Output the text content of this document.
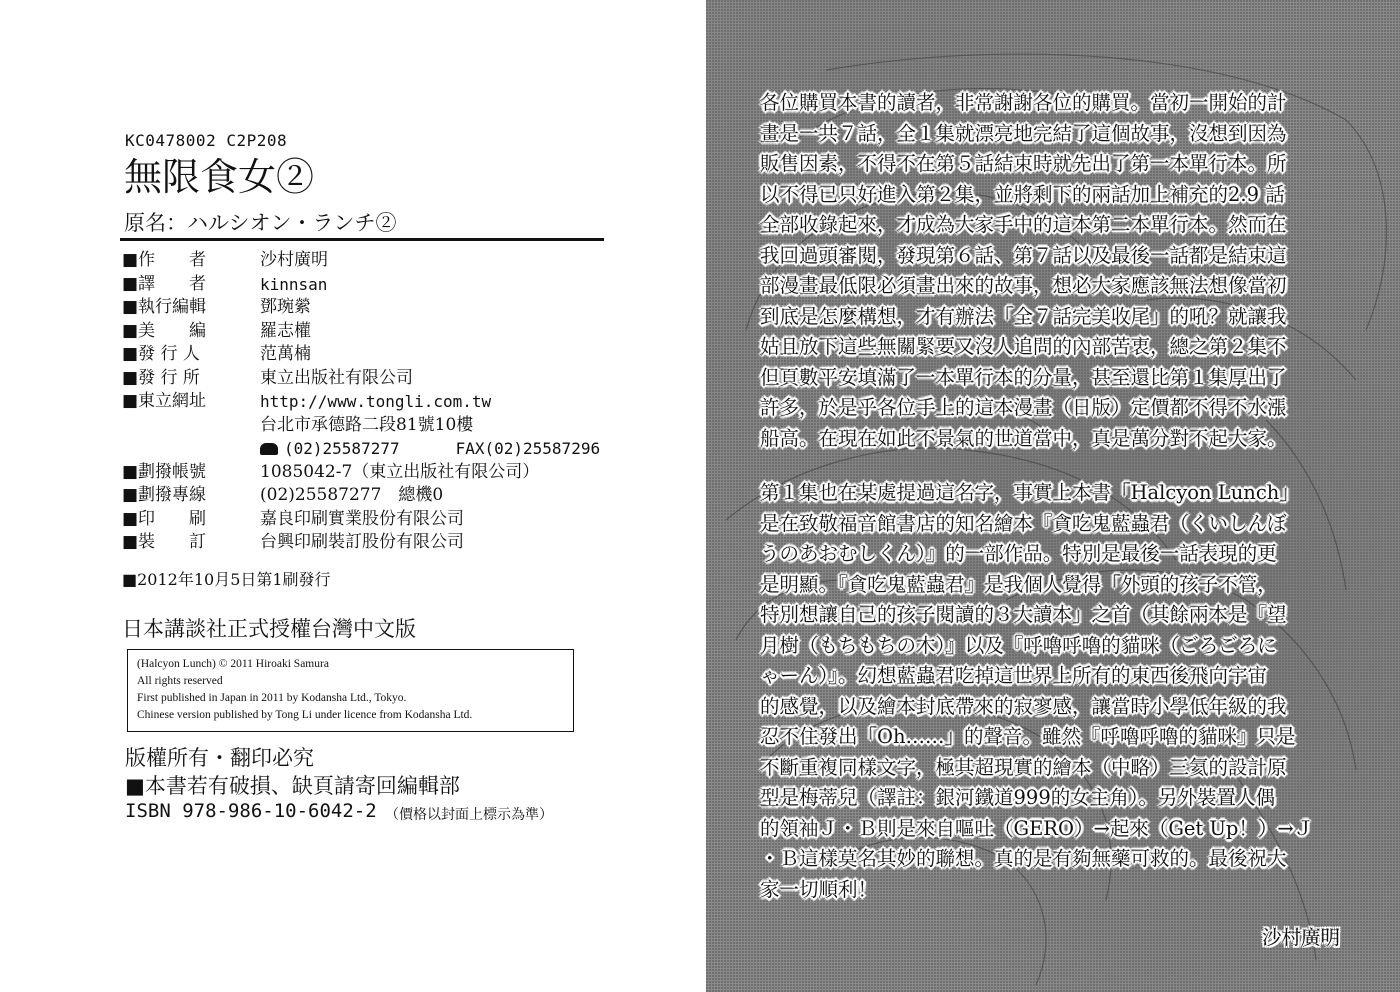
KC0478002 C2P208
無限食女②
原名：ハルシオン・ランチ②
■作　　者	沙村廣明
■譯　　者	kinnsan
■執行編輯	鄧琬縈
■美　　編	羅志權
■發 行 人	范萬楠
■發 行 所	東立出版社有限公司
■東立網址	http://www.tongli.com.tw
台北市承德路二段81號10樓
(02)25587277	FAX(02)25587296
■劃撥帳號	1085042-7（東立出版社有限公司）
■劃撥專線	(02)25587277　總機0
■印　　刷	嘉良印刷實業股份有限公司
■裝　　訂	台興印刷裝訂股份有限公司
■2012年10月5日第1刷發行
日本講談社正式授權台灣中文版
(Halcyon Lunch) © 2011 Hiroaki Samura
All rights reserved
First published in Japan in 2011 by Kodansha Ltd., Tokyo.
Chinese version published by Tong Li under licence from Kodansha Ltd.
版權所有・翻印必究
■本書若有破損、缺頁請寄回編輯部
ISBN 978-986-10-6042-2 （價格以封面上標示為準）
各位購買本書的讀者，非常謝謝各位的購買。當初一開始的計
畫是一共７話，全１集就漂亮地完結了這個故事，沒想到因為
販售因素，不得不在第５話結束時就先出了第一本單行本。所
以不得已只好進入第２集，並將剩下的兩話加上補充的2.9 話
全部收錄起來，才成為大家手中的這本第二本單行本。然而在
我回過頭審閱，發現第６話、第７話以及最後一話都是結束這
部漫畫最低限必須畫出來的故事，想必大家應該無法想像當初
到底是怎麼構想，才有辦法「全７話完美收尾」的吼？就讓我
姑且放下這些無關緊要又沒人追問的內部苦衷，總之第２集不
但頁數平安填滿了一本單行本的分量，甚至還比第１集厚出了
許多，於是乎各位手上的這本漫畫（日版）定價都不得不水漲
船高。在現在如此不景氣的世道當中，真是萬分對不起大家。
第１集也在某處提過這名字，事實上本書「Halcyon Lunch」
是在致敬福音館書店的知名繪本『貪吃鬼藍蟲君（くいしんぼ
うのあおむしくん）』的一部作品。特別是最後一話表現的更
是明顯。『貪吃鬼藍蟲君』是我個人覺得「外頭的孩子不管，
特別想讓自己的孩子閱讀的３大讀本」之首（其餘兩本是『望
月樹（もちもちの木）』以及『呼嚕呼嚕的貓咪（ごろごろに
ゃーん）』。幻想藍蟲君吃掉這世界上所有的東西後飛向宇宙
的感覺，以及繪本封底帶來的寂寥感，讓當時小學低年級的我
忍不住發出「Oh……」的聲音。雖然『呼嚕呼嚕的貓咪』只是
不斷重複同樣文字，極其超現實的繪本（中略）三氦的設計原
型是梅蒂兒（譯註：銀河鐵道999的女主角）。另外裝置人偶
的領袖Ｊ・Ｂ則是來自嘔吐（GERO）→起來（Get Up！）→Ｊ
・Ｂ這樣莫名其妙的聯想。真的是有夠無藥可救的。最後祝大
家一切順利！
沙村廣明
